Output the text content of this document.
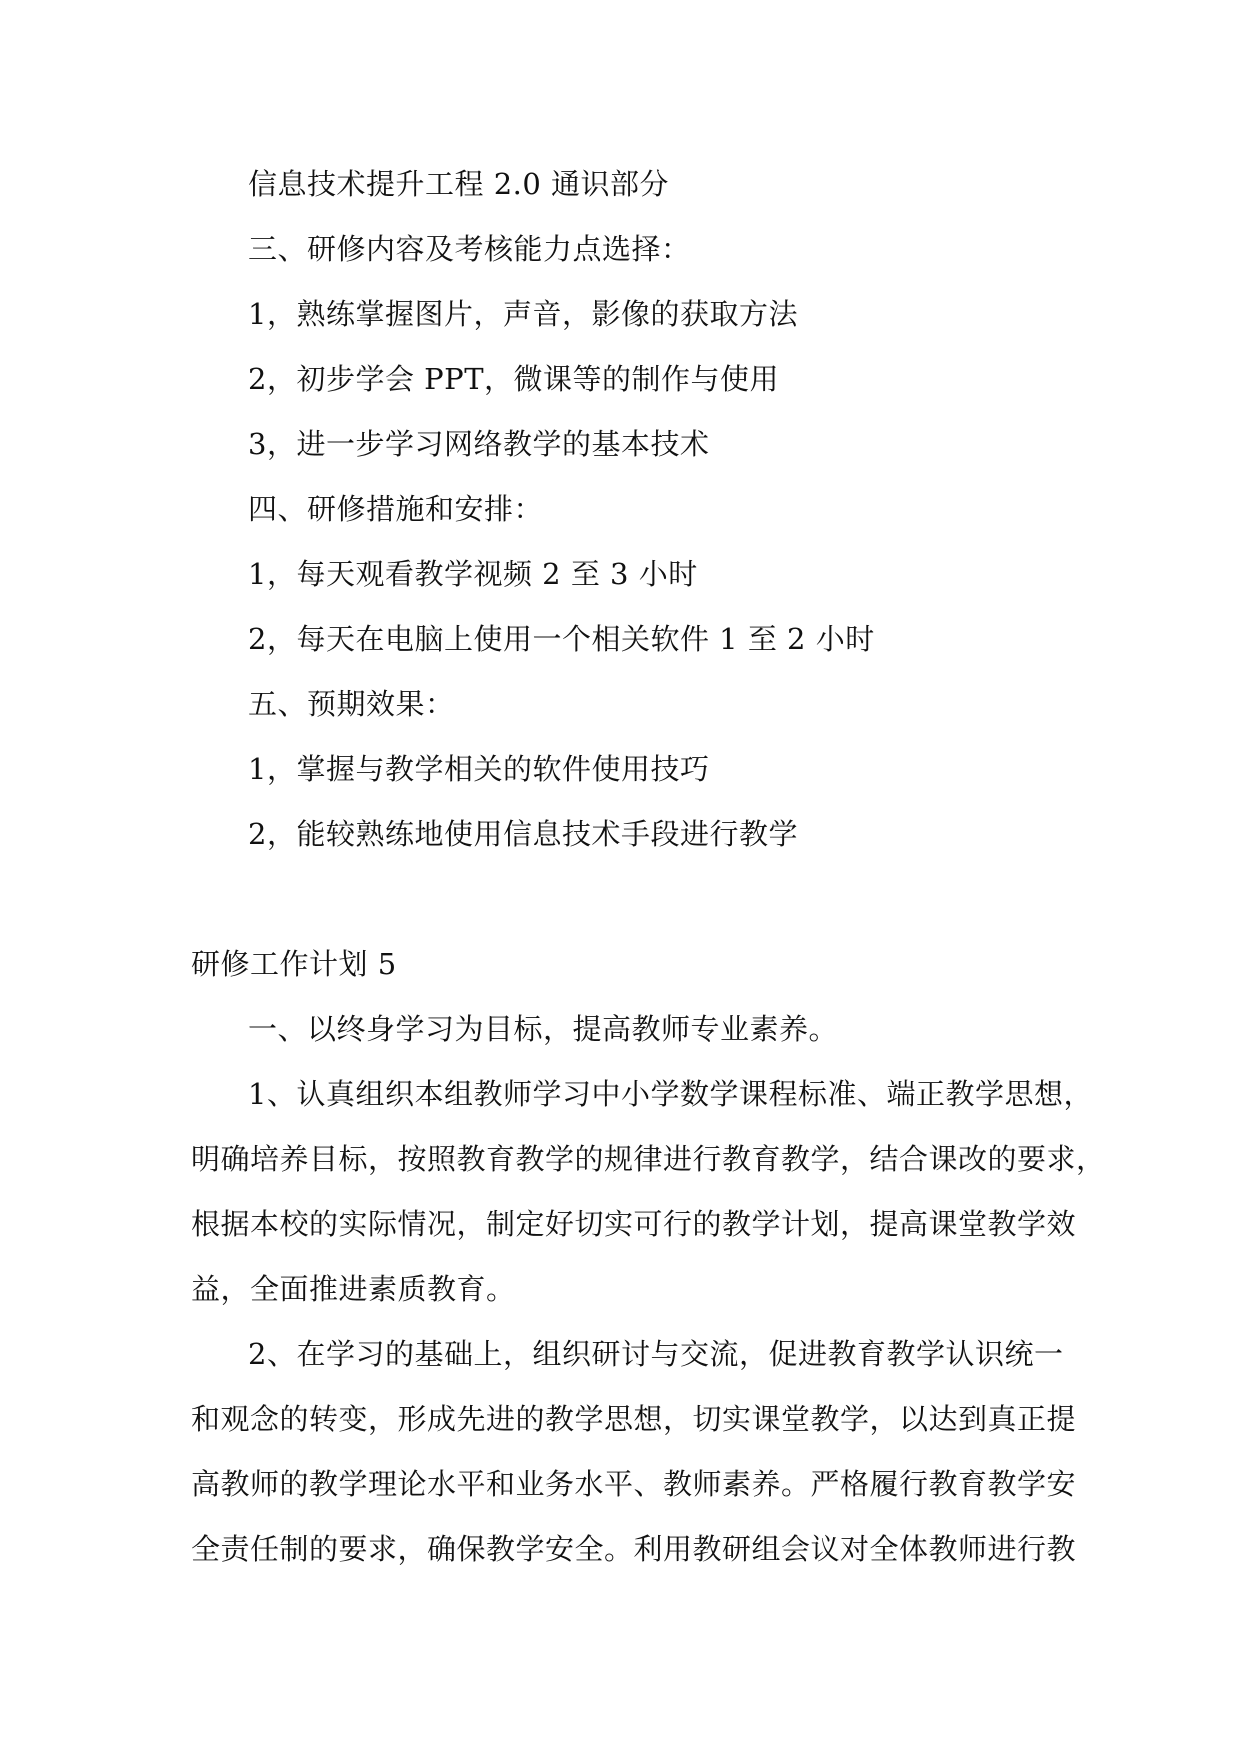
信息技术提升工程 2.0 通识部分
三、研修内容及考核能力点选择：
1，熟练掌握图片，声音，影像的获取方法
2，初步学会 PPT，微课等的制作与使用
3，进一步学习网络教学的基本技术
四、研修措施和安排：
1，每天观看教学视频 2 至 3 小时
2，每天在电脑上使用一个相关软件 1 至 2 小时
五、预期效果：
1，掌握与教学相关的软件使用技巧
2，能较熟练地使用信息技术手段进行教学
研修工作计划 5
一、以终身学习为目标，提高教师专业素养。
1、认真组织本组教师学习中小学数学课程标准、端正教学思想，
明确培养目标，按照教育教学的规律进行教育教学，结合课改的要求，
根据本校的实际情况，制定好切实可行的教学计划，提高课堂教学效
益，全面推进素质教育。
2、在学习的基础上，组织研讨与交流，促进教育教学认识统一
和观念的转变，形成先进的教学思想，切实课堂教学，以达到真正提
高教师的教学理论水平和业务水平、教师素养。严格履行教育教学安
全责任制的要求，确保教学安全。利用教研组会议对全体教师进行教
